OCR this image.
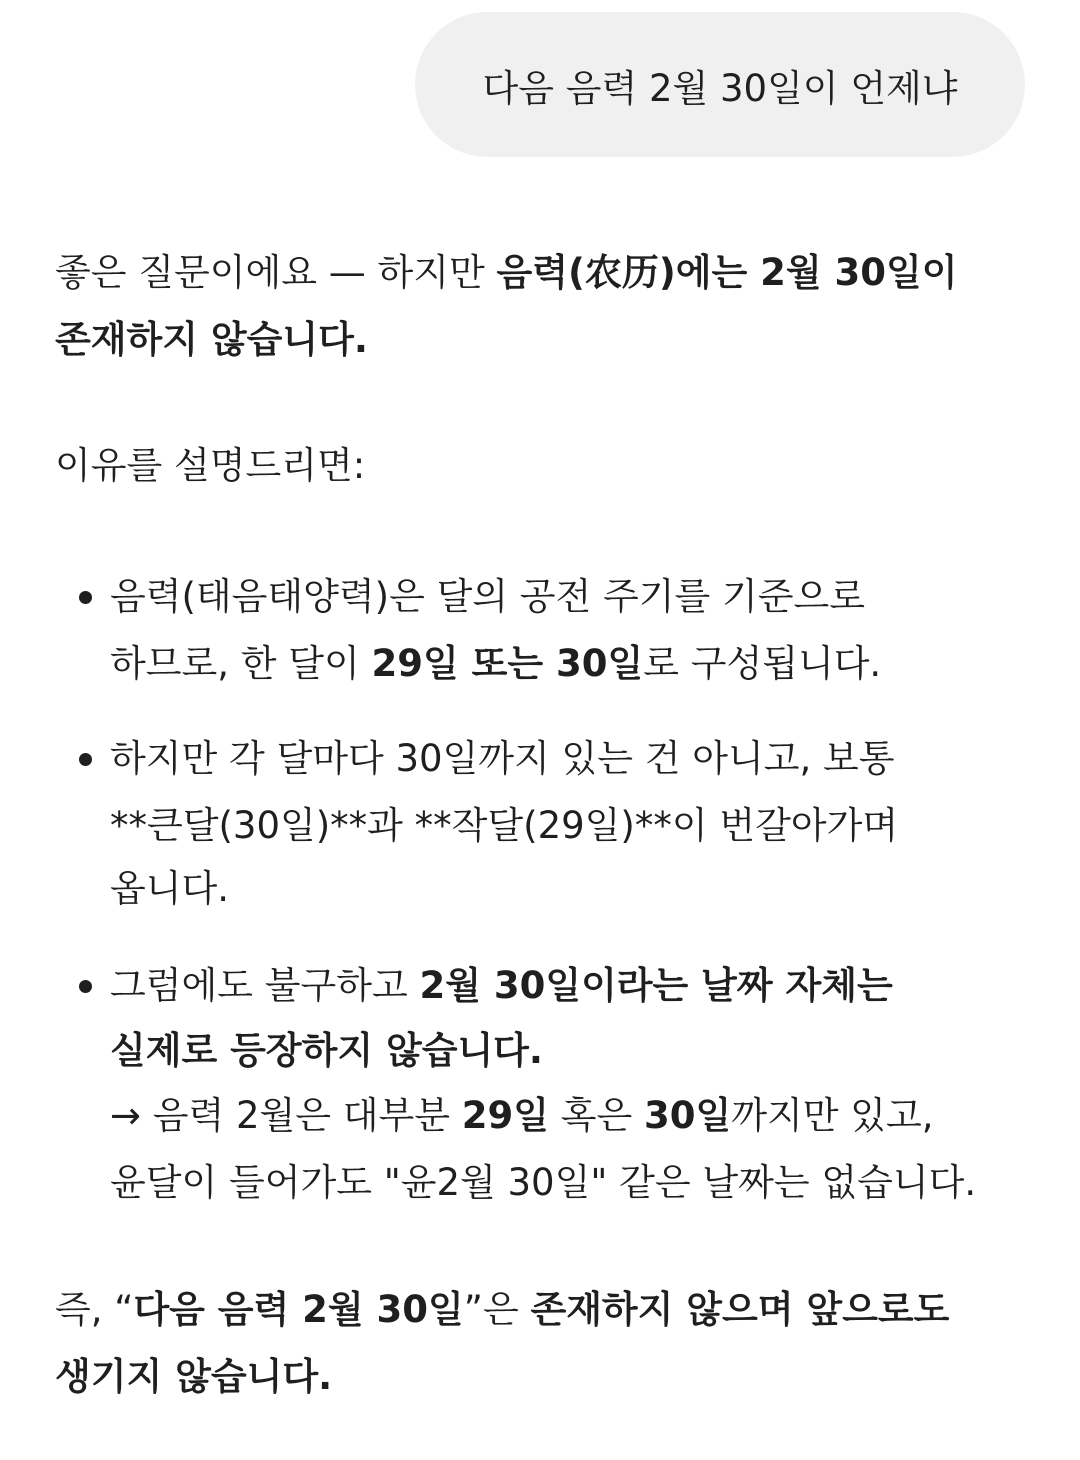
다음 음력 2월 30일이 언제냐
좋은 질문이에요 — 하지만 음력(农历)에는 2월 30일이
존재하지 않습니다.
이유를 설명드리면:
음력(태음태양력)은 달의 공전 주기를 기준으로
하므로, 한 달이 29일 또는 30일로 구성됩니다.
하지만 각 달마다 30일까지 있는 건 아니고, 보통
**큰달(30일)**과 **작달(29일)**이 번갈아가며
옵니다.
그럼에도 불구하고 2월 30일이라는 날짜 자체는
실제로 등장하지 않습니다.
→ 음력 2월은 대부분 29일 혹은 30일까지만 있고,
윤달이 들어가도 "윤2월 30일" 같은 날짜는 없습니다.
즉, “다음 음력 2월 30일”은 존재하지 않으며 앞으로도
생기지 않습니다.
